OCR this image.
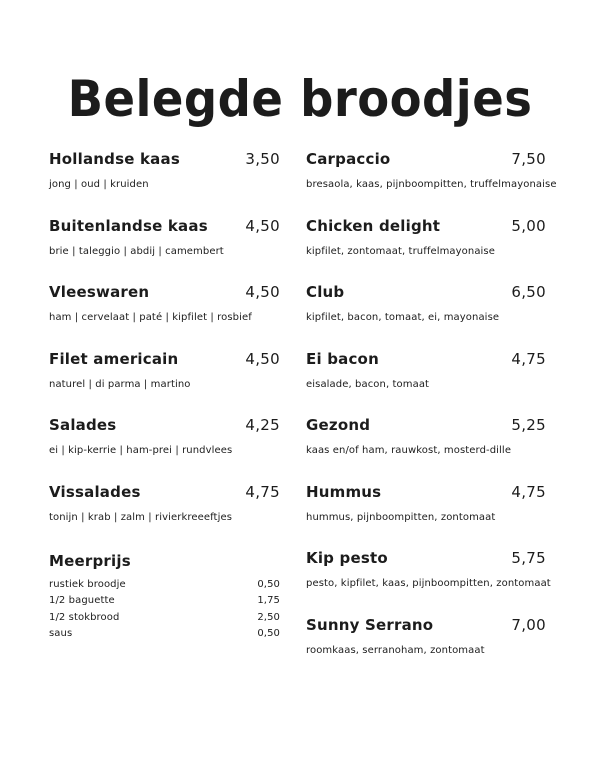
Belegde broodjes
Hollandse kaas	3,50
jong | oud | kruiden
Buitenlandse kaas	4,50
brie | taleggio | abdij | camembert
Vleeswaren	4,50
ham | cervelaat | paté | kipfilet | rosbief
Filet americain	4,50
naturel | di parma | martino
Salades	4,25
ei | kip-kerrie | ham-prei | rundvlees
Vissalades	4,75
tonijn | krab | zalm | rivierkreeeftjes
Meerprijs
rustiek broodje	0,50
1/2 baguette	1,75
1/2 stokbrood	2,50
saus	0,50
Carpaccio	7,50
bresaola, kaas, pijnboompitten, truffelmayonaise
Chicken delight	5,00
kipfilet, zontomaat, truffelmayonaise
Club	6,50
kipfilet, bacon, tomaat, ei, mayonaise
Ei bacon	4,75
eisalade, bacon, tomaat
Gezond	5,25
kaas en/of ham, rauwkost, mosterd-dille
Hummus	4,75
hummus, pijnboompitten, zontomaat
Kip pesto	5,75
pesto, kipfilet, kaas, pijnboompitten, zontomaat
Sunny Serrano	7,00
roomkaas, serranoham, zontomaat
